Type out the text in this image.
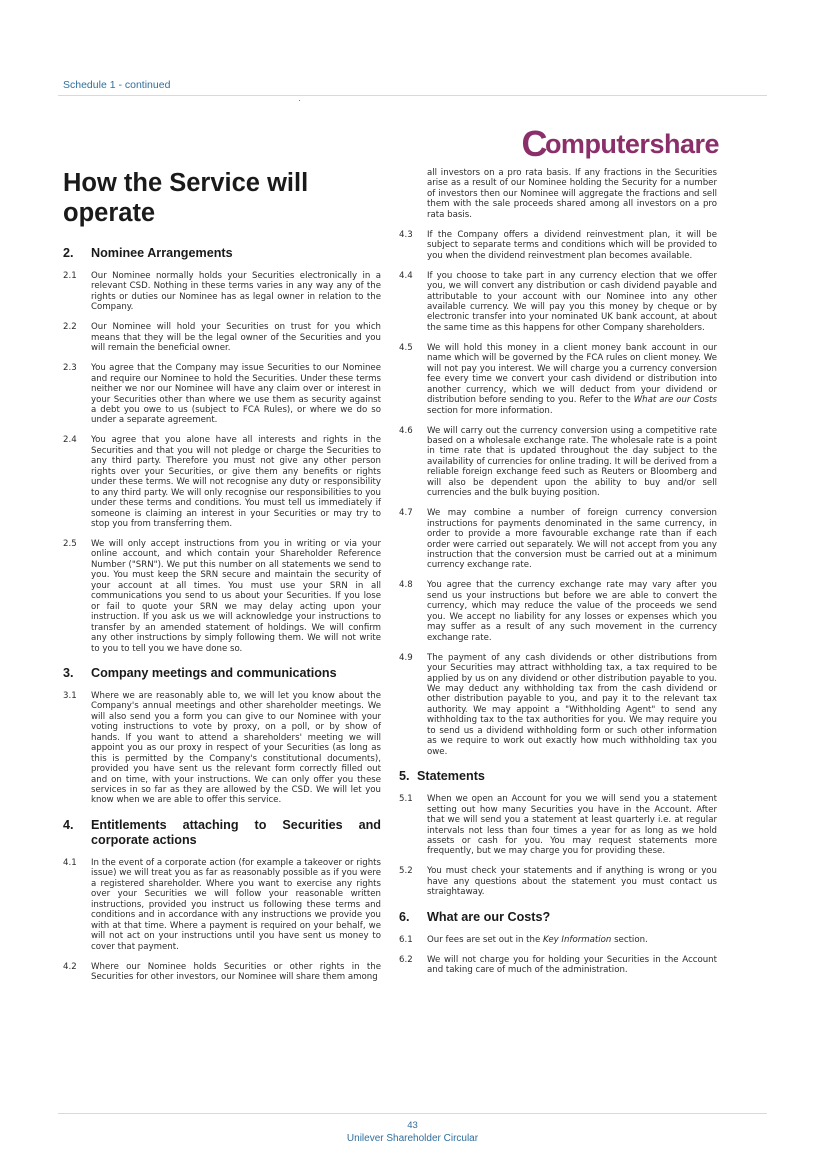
Schedule 1 - continued
Computershare
How the Service will operate
2.	Nominee Arrangements
2.1	Our Nominee normally holds your Securities electronically in a relevant CSD. Nothing in these terms varies in any way any of the rights or duties our Nominee has as legal owner in relation to the Company.
2.2	Our Nominee will hold your Securities on trust for you which means that they will be the legal owner of the Securities and you will remain the beneficial owner.
2.3	You agree that the Company may issue Securities to our Nominee and require our Nominee to hold the Securities. Under these terms neither we nor our Nominee will have any claim over or interest in your Securities other than where we use them as security against a debt you owe to us (subject to FCA Rules), or where we do so under a separate agreement.
2.4	You agree that you alone have all interests and rights in the Securities and that you will not pledge or charge the Securities to any third party. Therefore you must not give any other person rights over your Securities, or give them any benefits or rights under these terms. We will not recognise any duty or responsibility to any third party. We will only recognise our responsibilities to you under these terms and conditions. You must tell us immediately if someone is claiming an interest in your Securities or may try to stop you from transferring them.
2.5	We will only accept instructions from you in writing or via your online account, and which contain your Shareholder Reference Number ("SRN"). We put this number on all statements we send to you. You must keep the SRN secure and maintain the security of your account at all times. You must use your SRN in all communications you send to us about your Securities. If you lose or fail to quote your SRN we may delay acting upon your instruction. If you ask us we will acknowledge your instructions to transfer by an amended statement of holdings. We will confirm any other instructions by simply following them. We will not write to you to tell you we have done so.
3.	Company meetings and communications
3.1	Where we are reasonably able to, we will let you know about the Company's annual meetings and other shareholder meetings. We will also send you a form you can give to our Nominee with your voting instructions to vote by proxy, on a poll, or by show of hands. If you want to attend a shareholders' meeting we will appoint you as our proxy in respect of your Securities (as long as this is permitted by the Company's constitutional documents), provided you have sent us the relevant form correctly filled out and on time, with your instructions. We can only offer you these services in so far as they are allowed by the CSD. We will let you know when we are able to offer this service.
4.	Entitlements attaching to Securities and corporate actions
4.1	In the event of a corporate action (for example a takeover or rights issue) we will treat you as far as reasonably possible as if you were a registered shareholder. Where you want to exercise any rights over your Securities we will follow your reasonable written instructions, provided you instruct us following these terms and conditions and in accordance with any instructions we provide you with at that time. Where a payment is required on your behalf, we will not act on your instructions until you have sent us money to cover that payment.
4.2	Where our Nominee holds Securities or other rights in the Securities for other investors, our Nominee will share them among
all investors on a pro rata basis. If any fractions in the Securities arise as a result of our Nominee holding the Security for a number of investors then our Nominee will aggregate the fractions and sell them with the sale proceeds shared among all investors on a pro rata basis.
4.3	If the Company offers a dividend reinvestment plan, it will be subject to separate terms and conditions which will be provided to you when the dividend reinvestment plan becomes available.
4.4	If you choose to take part in any currency election that we offer you, we will convert any distribution or cash dividend payable and attributable to your account with our Nominee into any other available currency. We will pay you this money by cheque or by electronic transfer into your nominated UK bank account, at about the same time as this happens for other Company shareholders.
4.5	We will hold this money in a client money bank account in our name which will be governed by the FCA rules on client money. We will not pay you interest. We will charge you a currency conversion fee every time we convert your cash dividend or distribution into another currency, which we will deduct from your dividend or distribution before sending to you. Refer to the What are our Costs section for more information.
4.6	We will carry out the currency conversion using a competitive rate based on a wholesale exchange rate. The wholesale rate is a point in time rate that is updated throughout the day subject to the availability of currencies for online trading. It will be derived from a reliable foreign exchange feed such as Reuters or Bloomberg and will also be dependent upon the ability to buy and/or sell currencies and the bulk buying position.
4.7	We may combine a number of foreign currency conversion instructions for payments denominated in the same currency, in order to provide a more favourable exchange rate than if each order were carried out separately. We will not accept from you any instruction that the conversion must be carried out at a minimum currency exchange rate.
4.8	You agree that the currency exchange rate may vary after you send us your instructions but before we are able to convert the currency, which may reduce the value of the proceeds we send you. We accept no liability for any losses or expenses which you may suffer as a result of any such movement in the currency exchange rate.
4.9	The payment of any cash dividends or other distributions from your Securities may attract withholding tax, a tax required to be applied by us on any dividend or other distribution payable to you. We may deduct any withholding tax from the cash dividend or other distribution payable to you, and pay it to the relevant tax authority. We may appoint a "Withholding Agent" to send any withholding tax to the tax authorities for you. We may require you to send us a dividend withholding form or such other information as we require to work out exactly how much withholding tax you owe.
5. Statements
5.1	When we open an Account for you we will send you a statement setting out how many Securities you have in the Account. After that we will send you a statement at least quarterly i.e. at regular intervals not less than four times a year for as long as we hold assets or cash for you. You may request statements more frequently, but we may charge you for providing these.
5.2	You must check your statements and if anything is wrong or you have any questions about the statement you must contact us straightaway.
6.	What are our Costs?
6.1	Our fees are set out in the Key Information section.
6.2	We will not charge you for holding your Securities in the Account and taking care of much of the administration.
43
Unilever Shareholder Circular
